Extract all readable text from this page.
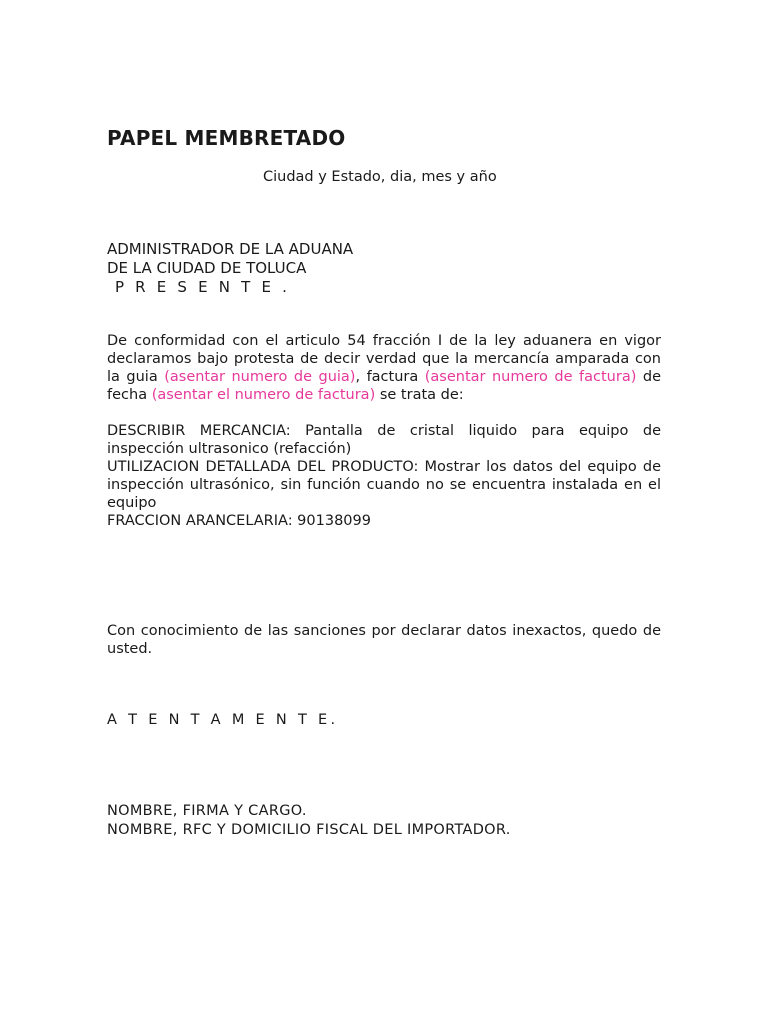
PAPEL MEMBRETADO
Ciudad y Estado, dia, mes y año
ADMINISTRADOR DE LA ADUANA
DE LA CIUDAD DE TOLUCA
P R E S E N T E .
De conformidad con el articulo 54 fracción I de la ley aduanera en vigor declaramos bajo protesta de decir verdad que la mercancía amparada con la guia (asentar numero de guia), factura (asentar numero de factura) de fecha (asentar el numero de factura) se trata de:
DESCRIBIR MERCANCIA: Pantalla de cristal liquido para equipo de inspección ultrasonico (refacción)
UTILIZACION DETALLADA DEL PRODUCTO: Mostrar los datos del equipo de inspección ultrasónico, sin función cuando no se encuentra instalada en el equipo
FRACCION ARANCELARIA: 90138099
Con conocimiento de las sanciones por declarar datos inexactos, quedo de usted.
A T E N T A M E N T E.
NOMBRE, FIRMA Y CARGO.
NOMBRE, RFC Y DOMICILIO FISCAL DEL IMPORTADOR.
